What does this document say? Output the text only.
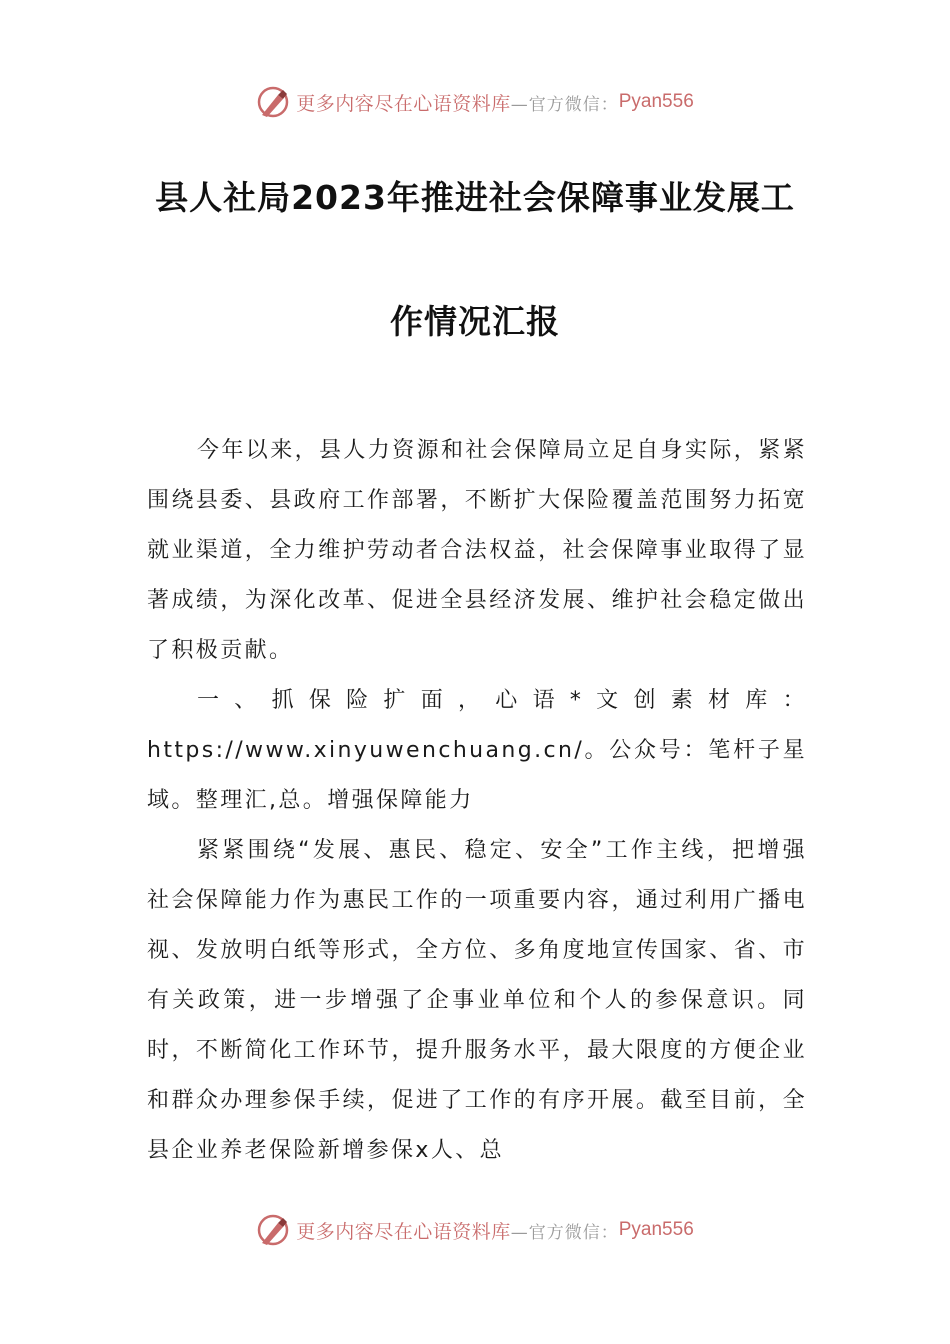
更多内容尽在心语资料库 —官方微信： Pyan556
县人社局2023年推进社会保障事业发展工
作情况汇报

今年以来，县人力资源和社会保障局立足自身实际，紧紧围绕县委、县政府工作部署，不断扩大保险覆盖范围努力拓宽就业渠道，全力维护劳动者合法权益，社会保障事业取得了显著成绩，为深化改革、促进全县经济发展、维护社会稳定做出了积极贡献。

一、抓保险扩面，心语*文创素材库：https://www.xinyuwenchuang.cn/。公众号：笔杆子星域。整理汇,总。增强保障能力

紧紧围绕“发展、惠民、稳定、安全”工作主线，把增强社会保障能力作为惠民工作的一项重要内容，通过利用广播电视、发放明白纸等形式，全方位、多角度地宣传国家、省、市有关政策，进一步增强了企事业单位和个人的参保意识。同时，不断简化工作环节，提升服务水平，最大限度的方便企业和群众办理参保手续，促进了工作的有序开展。截至目前，全县企业养老保险新增参保x人、总

更多内容尽在心语资料库 —官方微信： Pyan556
